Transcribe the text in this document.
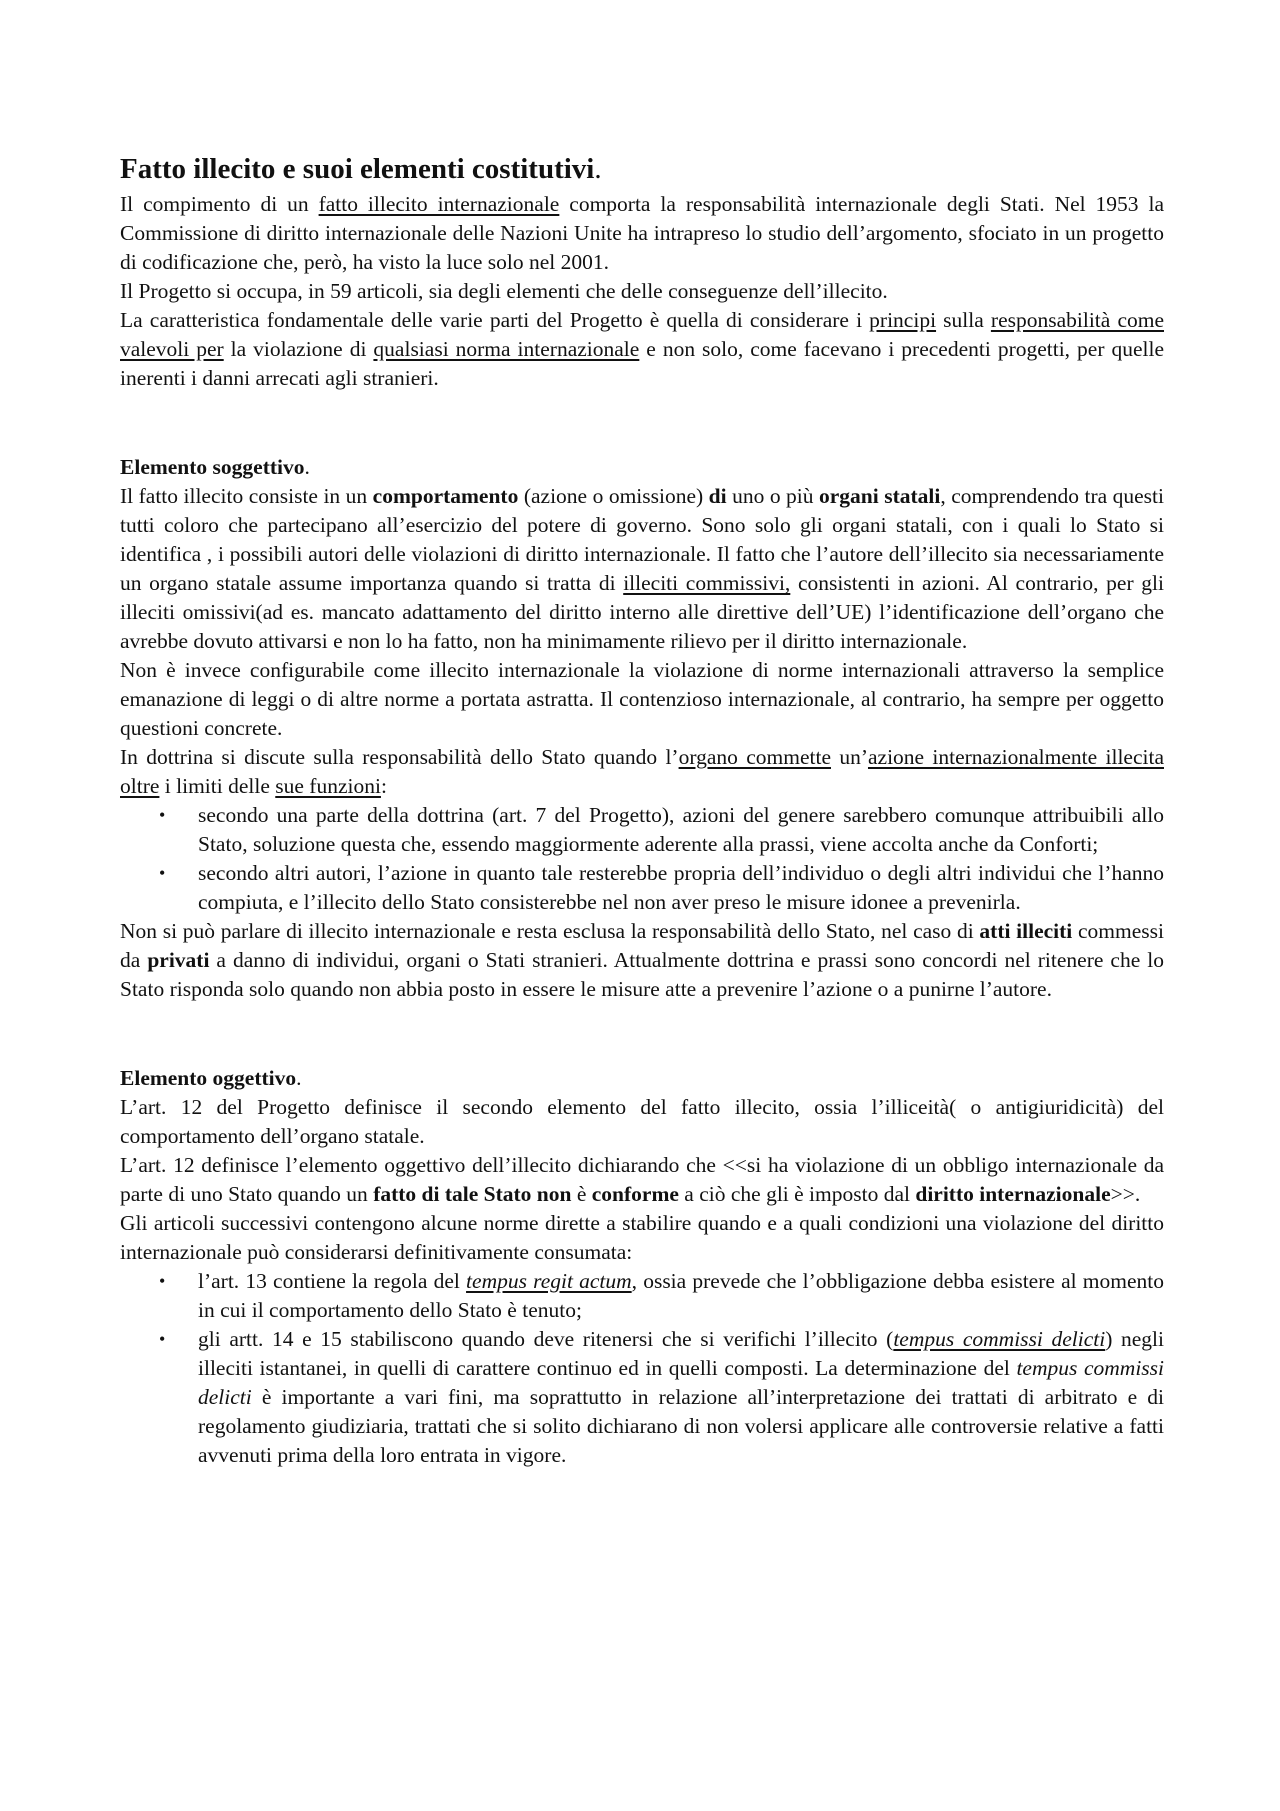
Fatto illecito e suoi elementi costitutivi.

Il compimento di un fatto illecito internazionale comporta la responsabilità internazionale degli Stati. Nel 1953 la Commissione di diritto internazionale delle Nazioni Unite ha intrapreso lo studio dell’argomento, sfociato in un progetto di codificazione che, però, ha visto la luce solo nel 2001.

Il Progetto si occupa, in 59 articoli, sia degli elementi che delle conseguenze dell’illecito.

La caratteristica fondamentale delle varie parti del Progetto è quella di considerare i principi sulla responsabilità come valevoli per la violazione di qualsiasi norma internazionale e non solo, come facevano i precedenti progetti, per quelle inerenti i danni arrecati agli stranieri.

Elemento soggettivo.

Il fatto illecito consiste in un comportamento (azione o omissione) di uno o più organi statali, comprendendo tra questi tutti coloro che partecipano all’esercizio del potere di governo. Sono solo gli organi statali, con i quali lo Stato si identifica , i possibili autori delle violazioni di diritto internazionale. Il fatto che l’autore dell’illecito sia necessariamente un organo statale assume importanza quando si tratta di illeciti commissivi, consistenti in azioni. Al contrario, per gli illeciti omissivi(ad es. mancato adattamento del diritto interno alle direttive dell’UE) l’identificazione dell’organo che avrebbe dovuto attivarsi e non lo ha fatto, non ha minimamente rilievo per il diritto internazionale.

Non è invece configurabile come illecito internazionale la violazione di norme internazionali attraverso la semplice emanazione di leggi o di altre norme a portata astratta. Il contenzioso internazionale, al contrario, ha sempre per oggetto questioni concrete.

In dottrina si discute sulla responsabilità dello Stato quando l’organo commette un’azione internazionalmente illecita oltre i limiti delle sue funzioni:

• secondo una parte della dottrina (art. 7 del Progetto), azioni del genere sarebbero comunque attribuibili allo Stato, soluzione questa che, essendo maggiormente aderente alla prassi, viene accolta anche da Conforti;
• secondo altri autori, l’azione in quanto tale resterebbe propria dell’individuo o degli altri individui che l’hanno compiuta, e l’illecito dello Stato consisterebbe nel non aver preso le misure idonee a prevenirla.

Non si può parlare di illecito internazionale e resta esclusa la responsabilità dello Stato, nel caso di atti illeciti commessi da privati a danno di individui, organi o Stati stranieri. Attualmente dottrina e prassi sono concordi nel ritenere che lo Stato risponda solo quando non abbia posto in essere le misure atte a prevenire l’azione o a punirne l’autore.

Elemento oggettivo.

L’art. 12 del Progetto definisce il secondo elemento del fatto illecito, ossia l’illiceità( o antigiuridicità) del comportamento dell’organo statale.

L’art. 12 definisce l’elemento oggettivo dell’illecito dichiarando che <<si ha violazione di un obbligo internazionale da parte di uno Stato quando un fatto di tale Stato non è conforme a ciò che gli è imposto dal diritto internazionale>>.

Gli articoli successivi contengono alcune norme dirette a stabilire quando e a quali condizioni una violazione del diritto internazionale può considerarsi definitivamente consumata:

• l’art. 13 contiene la regola del tempus regit actum, ossia prevede che l’obbligazione debba esistere al momento in cui il comportamento dello Stato è tenuto;
• gli artt. 14 e 15 stabiliscono quando deve ritenersi che si verifichi l’illecito (tempus commissi delicti) negli illeciti istantanei, in quelli di carattere continuo ed in quelli composti. La determinazione del tempus commissi delicti è importante a vari fini, ma soprattutto in relazione all’interpretazione dei trattati di arbitrato e di regolamento giudiziaria, trattati che si solito dichiarano di non volersi applicare alle controversie relative a fatti avvenuti prima della loro entrata in vigore.
